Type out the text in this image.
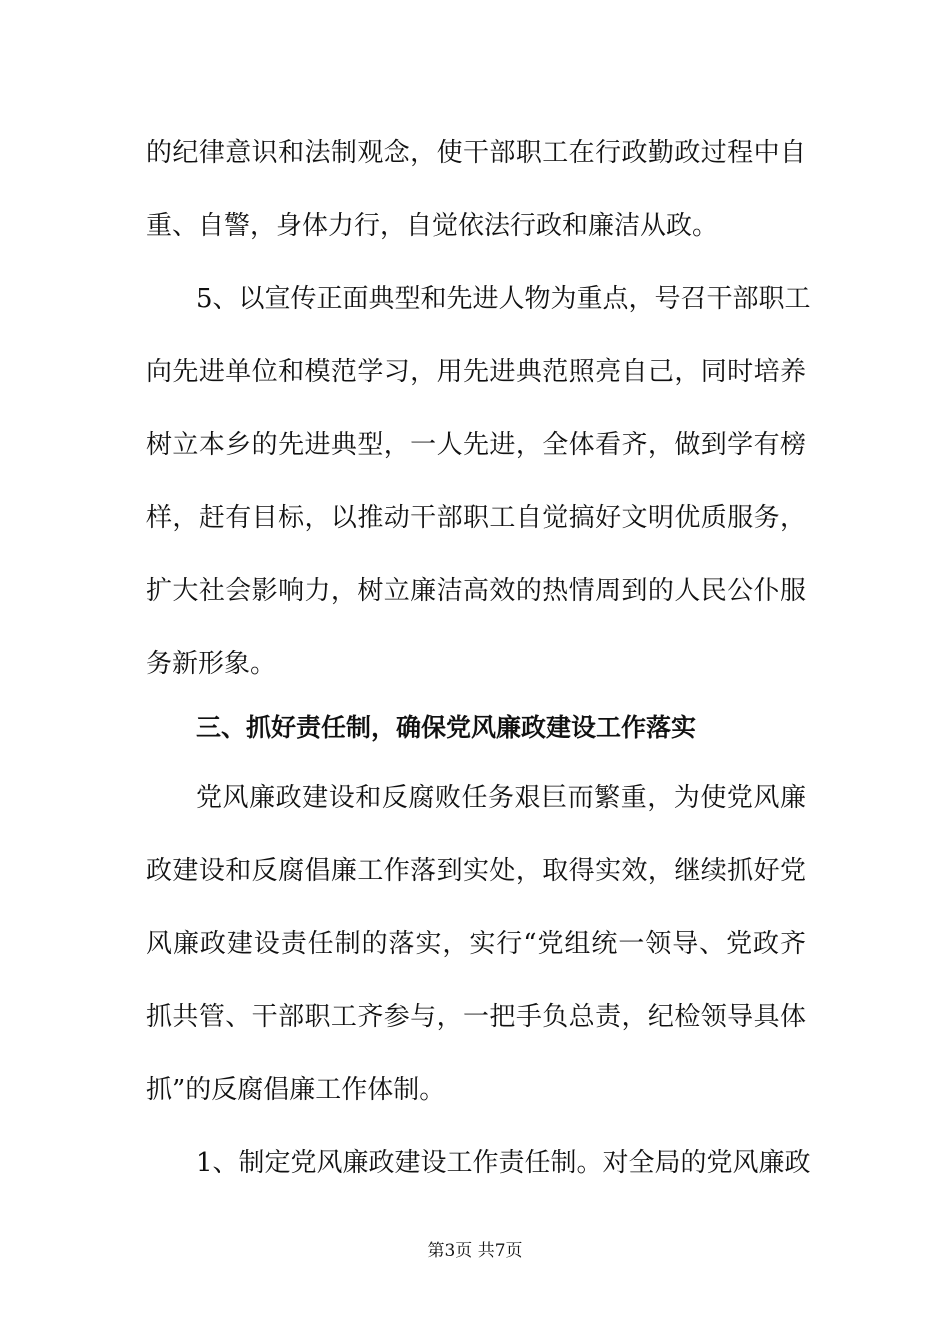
的纪律意识和法制观念，使干部职工在行政勤政过程中自
重、自警，身体力行，自觉依法行政和廉洁从政。
5、以宣传正面典型和先进人物为重点，号召干部职工
向先进单位和模范学习，用先进典范照亮自己，同时培养
树立本乡的先进典型，一人先进，全体看齐，做到学有榜
样，赶有目标，以推动干部职工自觉搞好文明优质服务，
扩大社会影响力，树立廉洁高效的热情周到的人民公仆服
务新形象。
三、抓好责任制，确保党风廉政建设工作落实
党风廉政建设和反腐败任务艰巨而繁重，为使党风廉
政建设和反腐倡廉工作落到实处，取得实效，继续抓好党
风廉政建设责任制的落实，实行“党组统一领导、党政齐
抓共管、干部职工齐参与，一把手负总责，纪检领导具体
抓”的反腐倡廉工作体制。
1、制定党风廉政建设工作责任制。对全局的党风廉政
第3页 共7页
